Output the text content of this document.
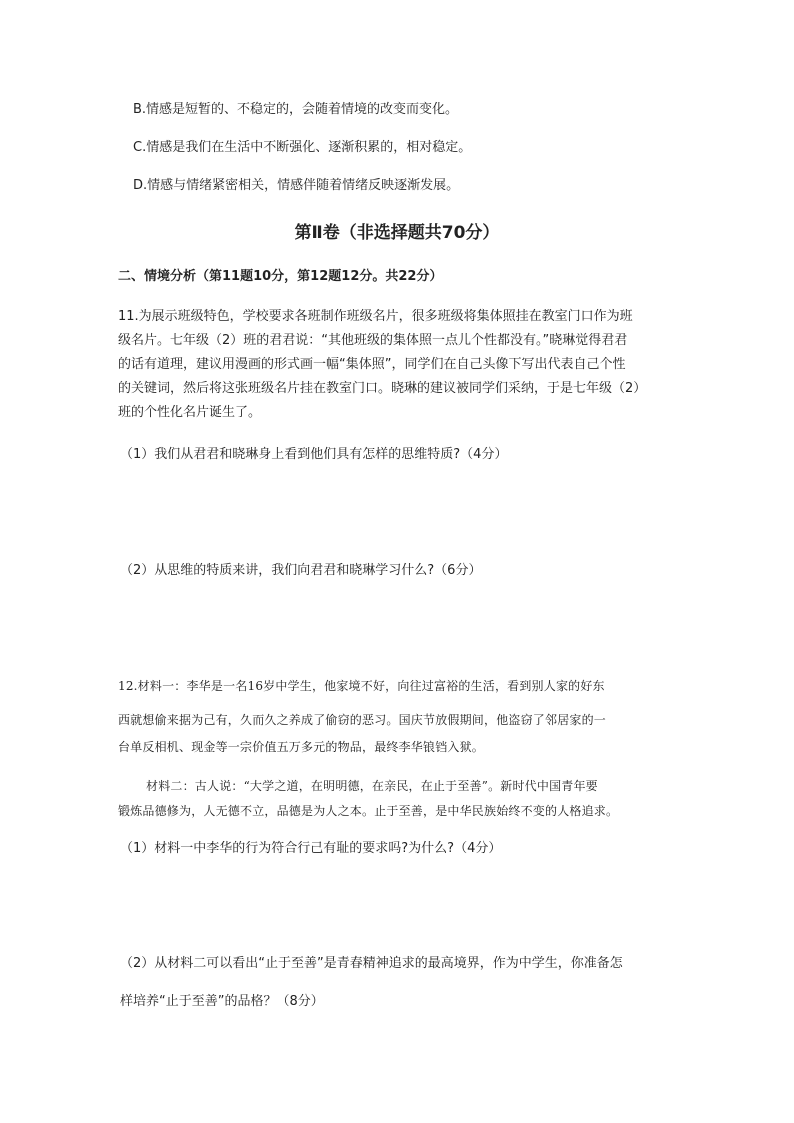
B.情感是短暂的、不稳定的，会随着情境的改变而变化。
C.情感是我们在生活中不断强化、逐渐积累的，相对稳定。
D.情感与情绪紧密相关，情感伴随着情绪反映逐渐发展。
第Ⅱ卷（非选择题共70分）
二、情境分析（第11题10分，第12题12分。共22分）
11.为展示班级特色，学校要求各班制作班级名片，很多班级将集体照挂在教室门口作为班
级名片。七年级（2）班的君君说：“其他班级的集体照一点儿个性都没有。”晓琳觉得君君
的话有道理，建议用漫画的形式画一幅“集体照”，同学们在自己头像下写出代表自己个性
的关键词，然后将这张班级名片挂在教室门口。晓琳的建议被同学们采纳，于是七年级（2）
班的个性化名片诞生了。
（1）我们从君君和晓琳身上看到他们具有怎样的思维特质?（4分）
（2）从思维的特质来讲，我们向君君和晓琳学习什么?（6分）
12.材料一：李华是一名16岁中学生，他家境不好，向往过富裕的生活，看到别人家的好东
西就想偷来据为己有，久而久之养成了偷窃的恶习。国庆节放假期间，他盗窃了邻居家的一
台单反相机、现金等一宗价值五万多元的物品，最终李华锒铛入狱。
材料二：古人说：“大学之道，在明明德，在亲民，在止于至善”。新时代中国青年要
锻炼品德修为，人无德不立，品德是为人之本。止于至善，是中华民族始终不变的人格追求。
（1）材料一中李华的行为符合行己有耻的要求吗?为什么?（4分）
（2）从材料二可以看出“止于至善”是青春精神追求的最高境界，作为中学生，你准备怎
样培养“止于至善”的品格？（8分）
